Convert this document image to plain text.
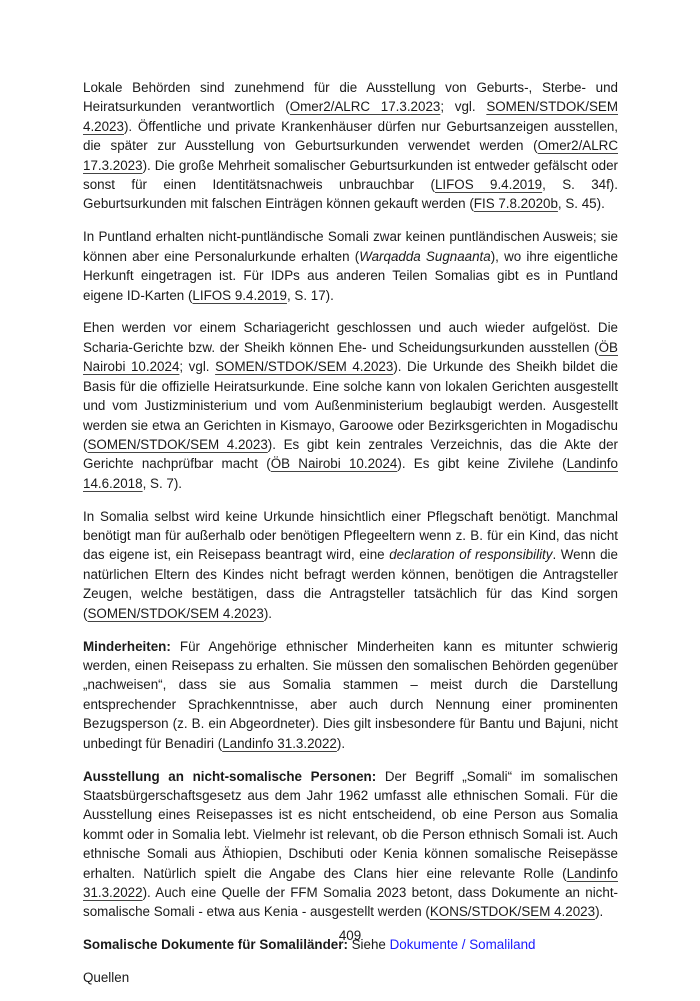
Lokale Behörden sind zunehmend für die Ausstellung von Geburts-, Sterbe- und Heiratsurkunden verantwortlich (Omer2/ALRC 17.3.2023; vgl. SOMEN/STDOK/SEM 4.2023). Öffentliche und private Krankenhäuser dürfen nur Geburtsanzeigen ausstellen, die später zur Ausstellung von Geburtsurkunden verwendet werden (Omer2/ALRC 17.3.2023). Die große Mehrheit somalischer Geburtsurkunden ist entweder gefälscht oder sonst für einen Identitätsnachweis unbrauchbar (LIFOS 9.4.2019, S. 34f). Geburtsurkunden mit falschen Einträgen können gekauft werden (FIS 7.8.2020b, S. 45).

In Puntland erhalten nicht-puntländische Somali zwar keinen puntländischen Ausweis; sie können aber eine Personalurkunde erhalten (Warqadda Sugnaanta), wo ihre eigentliche Herkunft eingetragen ist. Für IDPs aus anderen Teilen Somalias gibt es in Puntland eigene ID-Karten (LIFOS 9.4.2019, S. 17).

Ehen werden vor einem Schariagericht geschlossen und auch wieder aufgelöst. Die Scharia-Gerichte bzw. der Sheikh können Ehe- und Scheidungsurkunden ausstellen (ÖB Nairobi 10.2024; vgl. SOMEN/STDOK/SEM 4.2023). Die Urkunde des Sheikh bildet die Basis für die offizielle Heiratsurkunde. Eine solche kann von lokalen Gerichten ausgestellt und vom Justizministerium und vom Außenministerium beglaubigt werden. Ausgestellt werden sie etwa an Gerichten in Kismayo, Garoowe oder Bezirksgerichten in Mogadischu (SOMEN/STDOK/SEM 4.2023). Es gibt kein zentrales Verzeichnis, das die Akte der Gerichte nachprüfbar macht (ÖB Nairobi 10.2024). Es gibt keine Zivilehe (Landinfo 14.6.2018, S. 7).

In Somalia selbst wird keine Urkunde hinsichtlich einer Pflegschaft benötigt. Manchmal benötigt man für außerhalb oder benötigen Pflegeeltern wenn z. B. für ein Kind, das nicht das eigene ist, ein Reisepass beantragt wird, eine declaration of responsibility. Wenn die natürlichen Eltern des Kindes nicht befragt werden können, benötigen die Antragsteller Zeugen, welche bestätigen, dass die Antragsteller tatsächlich für das Kind sorgen (SOMEN/STDOK/SEM 4.2023).

Minderheiten: Für Angehörige ethnischer Minderheiten kann es mitunter schwierig werden, einen Reisepass zu erhalten. Sie müssen den somalischen Behörden gegenüber „nachweisen“, dass sie aus Somalia stammen – meist durch die Darstellung entsprechender Sprachkenntnisse, aber auch durch Nennung einer prominenten Bezugsperson (z. B. ein Abgeordneter). Dies gilt insbesondere für Bantu und Bajuni, nicht unbedingt für Benadiri (Landinfo 31.3.2022).

Ausstellung an nicht-somalische Personen: Der Begriff „Somali“ im somalischen Staatsbürgerschaftsgesetz aus dem Jahr 1962 umfasst alle ethnischen Somali. Für die Ausstellung eines Reisepasses ist es nicht entscheidend, ob eine Person aus Somalia kommt oder in Somalia lebt. Vielmehr ist relevant, ob die Person ethnisch Somali ist. Auch ethnische Somali aus Äthiopien, Dschibuti oder Kenia können somalische Reisepässe erhalten. Natürlich spielt die Angabe des Clans hier eine relevante Rolle (Landinfo 31.3.2022). Auch eine Quelle der FFM Somalia 2023 betont, dass Dokumente an nicht-somalische Somali - etwa aus Kenia - ausgestellt werden (KONS/STDOK/SEM 4.2023).

Somalische Dokumente für Somaliländer: Siehe Dokumente / Somaliland

Quellen

409
